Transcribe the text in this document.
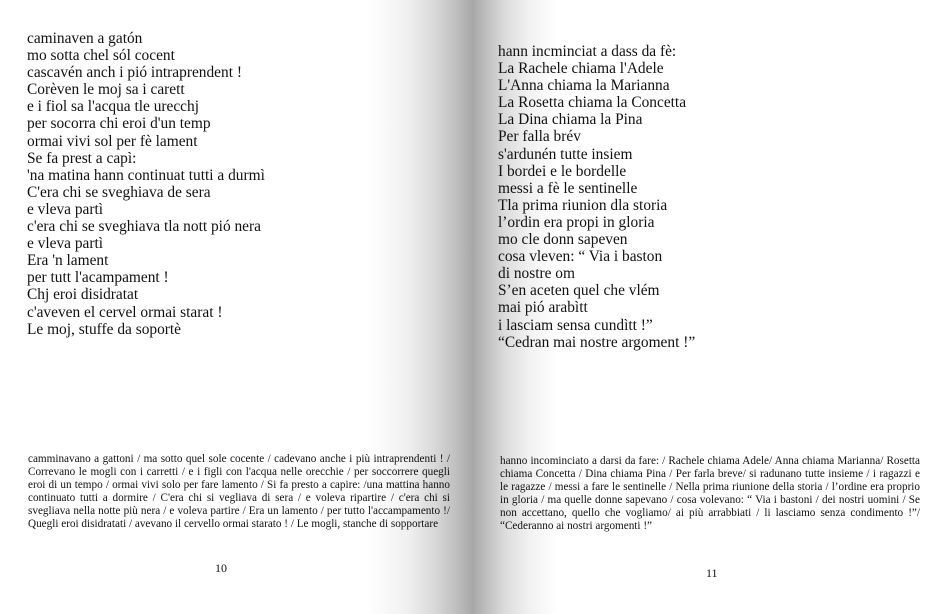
caminaven a gatón
mo sotta chel sól cocent
cascavén anch i pió intraprendent !
Corèven le moj sa i carett
e i fiol sa l'acqua tle urecchj
per socorra chi eroi d'un temp
ormai vivi sol per fè lament
Se fa prest a capì:
'na matina hann continuat tutti a durmì
C'era chi se sveghiava de sera
e vleva partì
c'era chi se sveghiava tla nott pió nera
e vleva partì
Era 'n lament
per tutt l'acampament !
Chj eroi disidratat
c'aveven el cervel ormai starat !
Le moj, stuffe da soportè

camminavano a gattoni / ma sotto quel sole cocente / cadevano anche i più intraprendenti ! / Correvano le mogli con i carretti / e i figli con l'acqua nelle orecchie / per soccorrere quegli eroi di un tempo / ormai vivi solo per fare lamento / Si fa presto a capire: /una mattina hanno continuato tutti a dormire / C'era chi si vegliava di sera / e voleva ripartire / c'era chi si svegliava nella notte più nera / e voleva partire / Era un lamento / per tutto l'accampamento !/ Quegli eroi disidratati / avevano il cervello ormai starato ! / Le mogli, stanche di sopportare

10
hann incminciat a dass da fè:
La Rachele chiama l'Adele
L'Anna chiama la Marianna
La Rosetta chiama la Concetta
La Dina chiama la Pina
Per falla brév
s'ardunén tutte insiem
I bordei e le bordelle
messi a fè le sentinelle
Tla prima riunion dla storia
l’ordin era propi in gloria
mo cle donn sapeven
cosa vleven: “ Via i baston
di nostre om
S’en aceten quel che vlém
mai pió arabìtt
i lasciam sensa cundìtt !”
“Cedran mai nostre argoment !”

hanno incominciato a darsi da fare: / Rachele chiama Adele/ Anna chiama Marianna/ Rosetta chiama Concetta / Dina chiama Pina / Per farla breve/ si radunano tutte insieme / i ragazzi e le ragazze / messi a fare le sentinelle / Nella prima riunione della storia / l’ordine era proprio in gloria / ma quelle donne sapevano / cosa volevano: “ Via i bastoni / dei nostri uomini / Se non accettano, quello che vogliamo/ ai più arrabbiati / li lasciamo senza condimento !”/ “Cederanno ai nostri argomenti !”

11
